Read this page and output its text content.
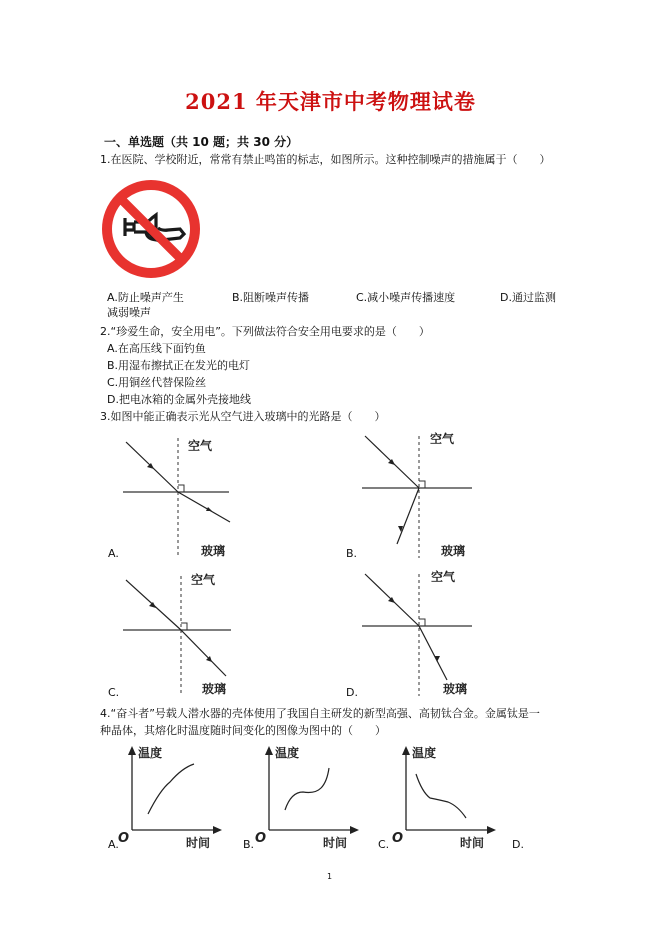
2021 年天津市中考物理试卷
一、单选题（共 10 题；共 30 分）
1.在医院、学校附近，常常有禁止鸣笛的标志，如图所示。这种控制噪声的措施属于（　　）
A.防止噪声产生	B.阻断噪声传播	C.减小噪声传播速度	D.通过监测
减弱噪声
2.“珍爱生命，安全用电”。下列做法符合安全用电要求的是（　　）
A.在高压线下面钓鱼
B.用湿布擦拭正在发光的电灯
C.用铜丝代替保险丝
D.把电冰箱的金属外壳接地线
3.如图中能正确表示光从空气进入玻璃中的光路是（　　）
空气
玻璃
A.
空气
玻璃
B.
空气
玻璃
C.
空气
玻璃
D.
4.“奋斗者”号载人潜水器的壳体使用了我国自主研发的新型高强、高韧钛合金。金属钛是一
种晶体，其熔化时温度随时间变化的图像为图中的（　　）
温度
O	时间
A.
温度
O	时间
B.
温度
O	时间
C.	D.
1
